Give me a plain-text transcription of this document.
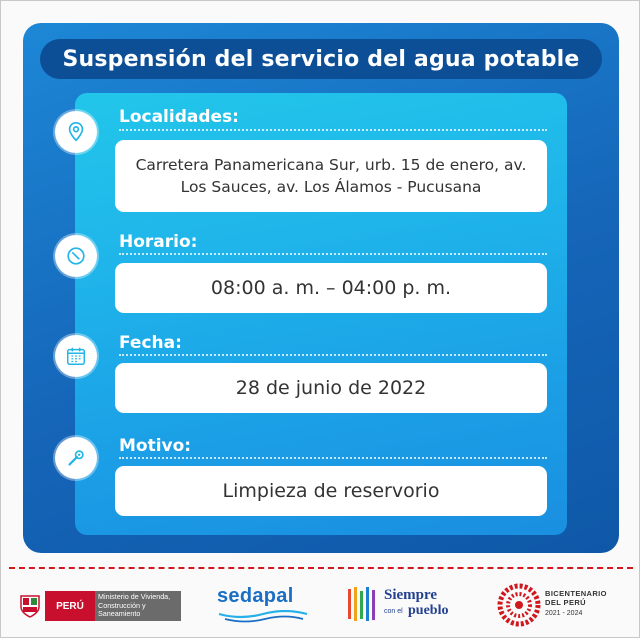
Suspensión del servicio del agua potable
Localidades:
Carretera Panamericana Sur, urb. 15 de enero, av. Los Sauces, av. Los Álamos - Pucusana
Horario:
08:00 a. m. – 04:00 p. m.
Fecha:
28 de junio de 2022
Motivo:
Limpieza de reservorio
PERÚ
Ministerio de Vivienda, Construcción y Saneamiento
sedapal	Siempre
con el pueblo
BICENTENARIO DEL PERÚ
2021 - 2024
